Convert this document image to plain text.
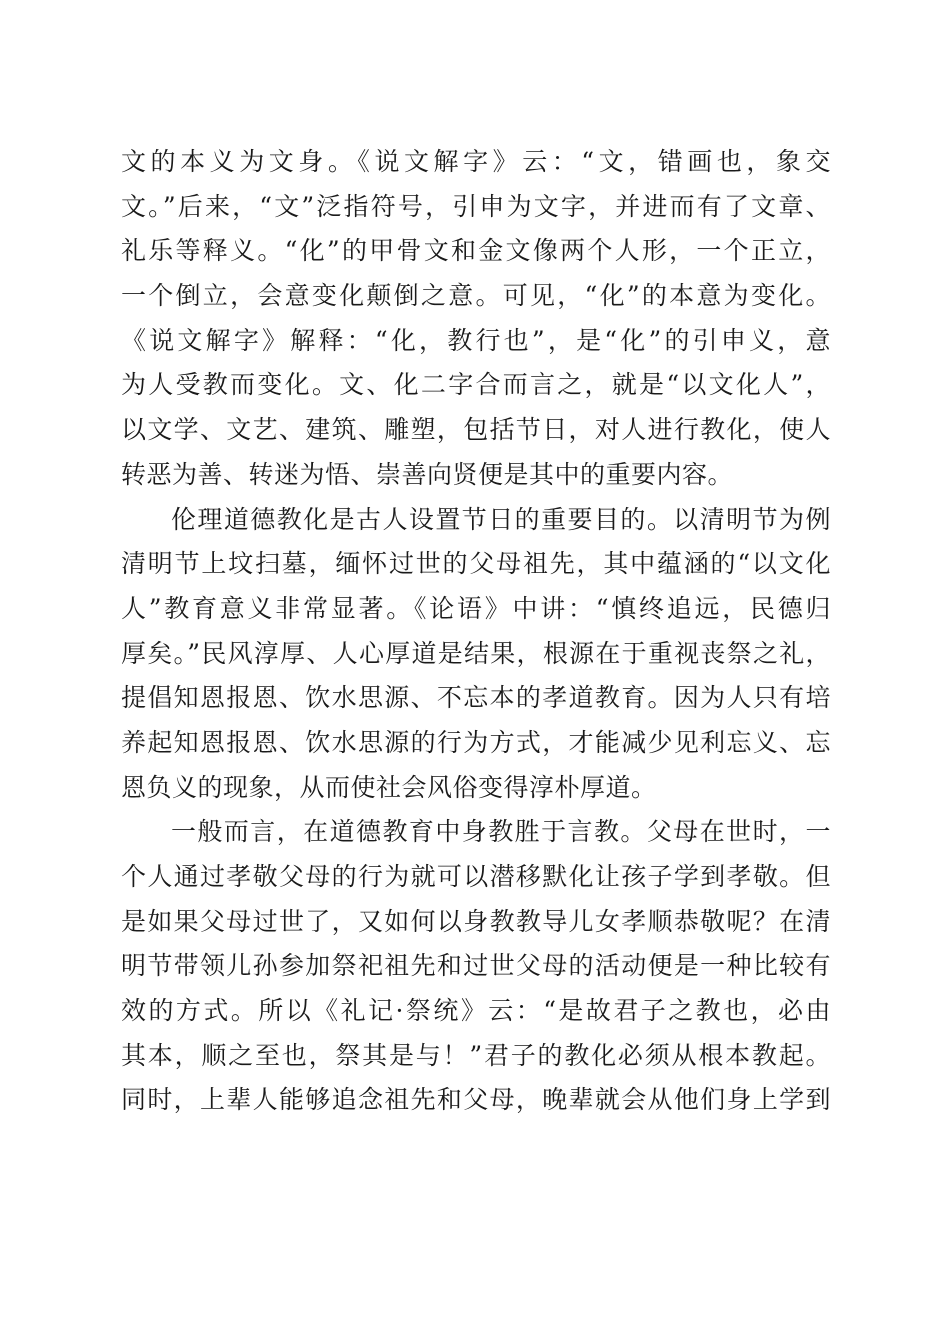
文的本义为文身。《说文解字》云：“文，错画也，象交
文。”后来，“文”泛指符号，引申为文字，并进而有了文章、
礼乐等释义。“化”的甲骨文和金文像两个人形，一个正立，
一个倒立，会意变化颠倒之意。可见，“化”的本意为变化。
《说文解字》解释：“化，教行也”，是“化”的引申义，意
为人受教而变化。文、化二字合而言之，就是“以文化人”，
以文学、文艺、建筑、雕塑，包括节日，对人进行教化，使人
转恶为善、转迷为悟、崇善向贤便是其中的重要内容。
伦理道德教化是古人设置节日的重要目的。以清明节为例
清明节上坟扫墓，缅怀过世的父母祖先，其中蕴涵的“以文化
人”教育意义非常显著。《论语》中讲：“慎终追远，民德归
厚矣。”民风淳厚、人心厚道是结果，根源在于重视丧祭之礼，
提倡知恩报恩、饮水思源、不忘本的孝道教育。因为人只有培
养起知恩报恩、饮水思源的行为方式，才能减少见利忘义、忘
恩负义的现象，从而使社会风俗变得淳朴厚道。
一般而言，在道德教育中身教胜于言教。父母在世时，一
个人通过孝敬父母的行为就可以潜移默化让孩子学到孝敬。但
是如果父母过世了，又如何以身教教导儿女孝顺恭敬呢？在清
明节带领儿孙参加祭祀祖先和过世父母的活动便是一种比较有
效的方式。所以《礼记·祭统》云：“是故君子之教也，必由
其本，顺之至也，祭其是与！”君子的教化必须从根本教起。
同时，上辈人能够追念祖先和父母，晚辈就会从他们身上学到
